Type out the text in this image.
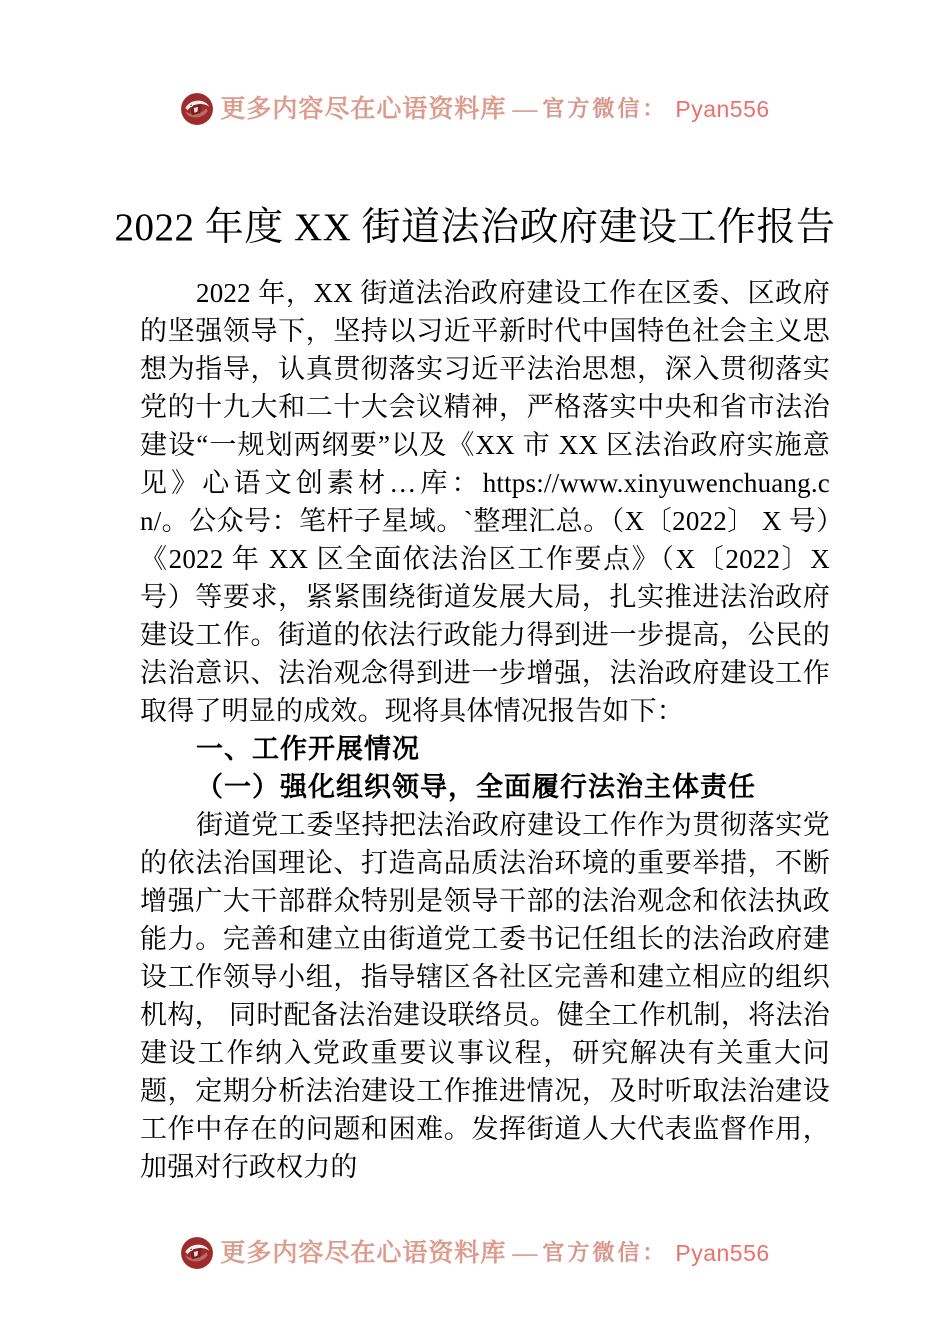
更多内容尽在心语资料库 — 官方微信： Pyan556
2022 年度 XX 街道法治政府建设工作报告

2022 年，XX 街道法治政府建设工作在区委、区政府的坚强领导下，坚持以习近平新时代中国特色社会主义思想为指导，认真贯彻落实习近平法治思想，深入贯彻落实党的十九大和二十大会议精神，严格落实中央和省市法治建设“一规划两纲要”以及《XX 市 XX 区法治政府实施意见》心语文创素材…库：https://www.xinyuwenchuang.cn/。公众号：笔杆子星域。`整理汇总。（X〔2022〕 X 号）《2022 年 XX 区全面依法治区工作要点》（X〔2022〕X 号）等要求，紧紧围绕街道发展大局，扎实推进法治政府建设工作。街道的依法行政能力得到进一步提高，公民的法治意识、法治观念得到进一步增强，法治政府建设工作取得了明显的成效。现将具体情况报告如下：

一、工作开展情况
（一）强化组织领导，全面履行法治主体责任

街道党工委坚持把法治政府建设工作作为贯彻落实党的依法治国理论、打造高品质法治环境的重要举措，不断增强广大干部群众特别是领导干部的法治观念和依法执政能力。完善和建立由街道党工委书记任组长的法治政府建设工作领导小组，指导辖区各社区完善和建立相应的组织机构， 同时配备法治建设联络员。健全工作机制，将法治建设工作纳入党政重要议事议程，研究解决有关重大问题，定期分析法治建设工作推进情况，及时听取法治建设工作中存在的问题和困难。发挥街道人大代表监督作用，加强对行政权力的

更多内容尽在心语资料库 — 官方微信： Pyan556
